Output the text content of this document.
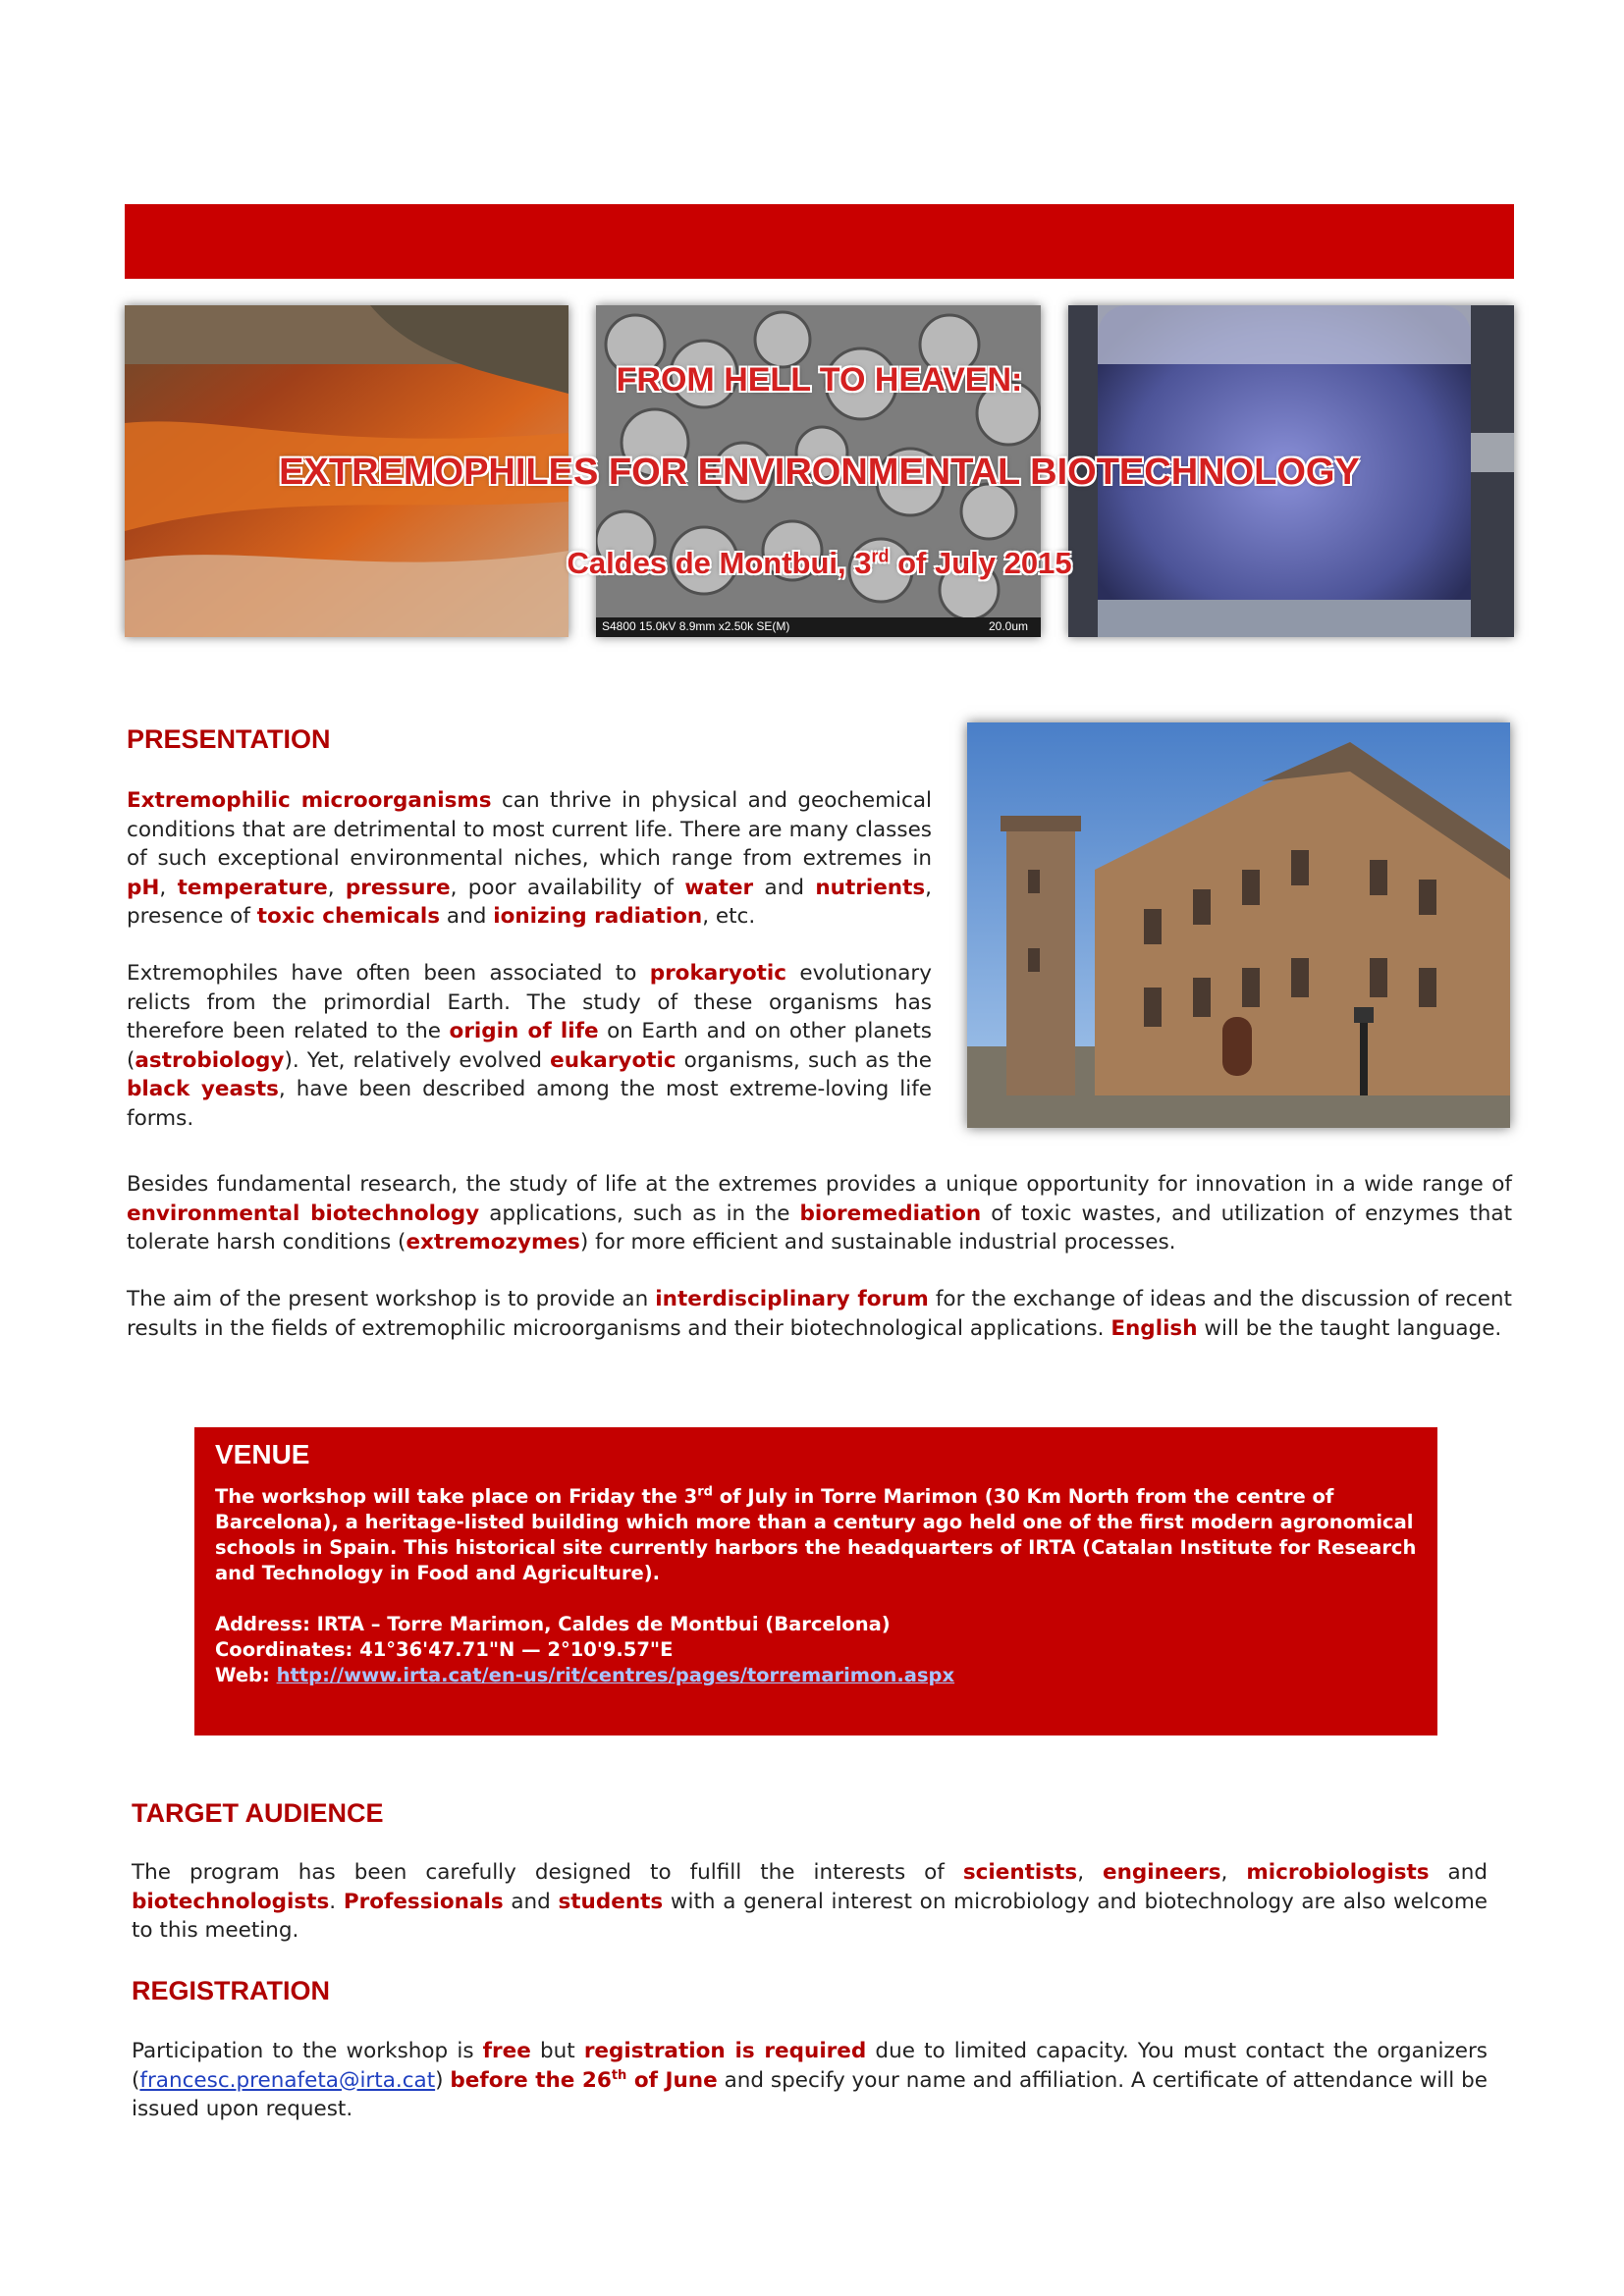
S4800 15.0kV 8.9mm x2.50k SE(M)	20.0um
FROM HELL TO HEAVEN:
EXTREMOPHILES FOR ENVIRONMENTAL BIOTECHNOLOGY
Caldes de Montbui, 3rd of July 2015
PRESENTATION
Extremophilic microorganisms can thrive in physical and geochemical conditions that are detrimental to most current life. There are many classes of such exceptional environmental niches, which range from extremes in pH, temperature, pressure, poor availability of water and nutrients, presence of toxic chemicals and ionizing radiation, etc.
Extremophiles have often been associated to prokaryotic evolutionary relicts from the primordial Earth. The study of these organisms has therefore been related to the origin of life on Earth and on other planets (astrobiology). Yet, relatively evolved eukaryotic organisms, such as the black yeasts, have been described among the most extreme-loving life forms.
Besides fundamental research, the study of life at the extremes provides a unique opportunity for innovation in a wide range of environmental biotechnology applications, such as in the bioremediation of toxic wastes, and utilization of enzymes that tolerate harsh conditions (extremozymes) for more efficient and sustainable industrial processes.
The aim of the present workshop is to provide an interdisciplinary forum for the exchange of ideas and the discussion of recent results in the fields of extremophilic microorganisms and their biotechnological applications. English will be the taught language.
VENUE
The workshop will take place on Friday the 3rd of July in Torre Marimon (30 Km North from the centre of Barcelona), a heritage-listed building which more than a century ago held one of the first modern agronomical schools in Spain. This historical site currently harbors the headquarters of IRTA (Catalan Institute for Research and Technology in Food and Agriculture).
Address: IRTA – Torre Marimon, Caldes de Montbui (Barcelona)
Coordinates: 41°36'47.71"N — 2°10'9.57"E
Web: http://www.irta.cat/en-us/rit/centres/pages/torremarimon.aspx
TARGET AUDIENCE
The program has been carefully designed to fulfill the interests of scientists, engineers, microbiologists and biotechnologists. Professionals and students with a general interest on microbiology and biotechnology are also welcome to this meeting.
REGISTRATION
Participation to the workshop is free but registration is required due to limited capacity. You must contact the organizers (francesc.prenafeta@irta.cat) before the 26th of June and specify your name and affiliation. A certificate of attendance will be issued upon request.
